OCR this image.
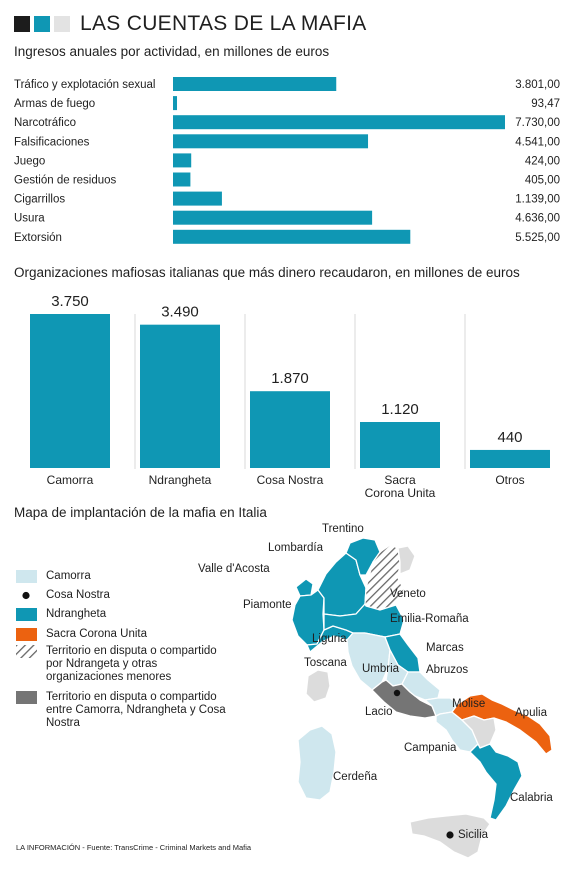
LAS CUENTAS DE LA MAFIA
Ingresos anuales por actividad, en millones de euros
Tráfico y explotación sexual	3.801,00
Armas de fuego	93,47
Narcotráfico	7.730,00
Falsificaciones	4.541,00
Juego	424,00
Gestión de residuos	405,00
Cigarrillos	1.139,00
Usura	4.636,00
Extorsión	5.525,00
Organizaciones mafiosas italianas que más dinero recaudaron, en millones de euros
3.750
Camorra
3.490
Ndrangheta
1.870
Cosa Nostra
1.120
Sacra
Corona Unita
440
Otros
Mapa de implantación de la mafia en Italia
Trentino
Lombardía
Valle d'Acosta
Veneto
Piamonte
Emilia-Romaña
Liguria
Marcas
Toscana Umbria Abruzos
Molise
Lacio	Apulia
Campania
Cerdeña
Calabria
Sicilia
Camorra
Cosa Nostra
Ndrangheta
Sacra Corona Unita
Territorio en disputa o compartido por Ndrangeta y otras organizaciones menores
Territorio en disputa o compartido entre Camorra, Ndrangheta y Cosa Nostra
LA INFORMACIÓN - Fuente: TransCrime - Criminal Markets and Mafia
